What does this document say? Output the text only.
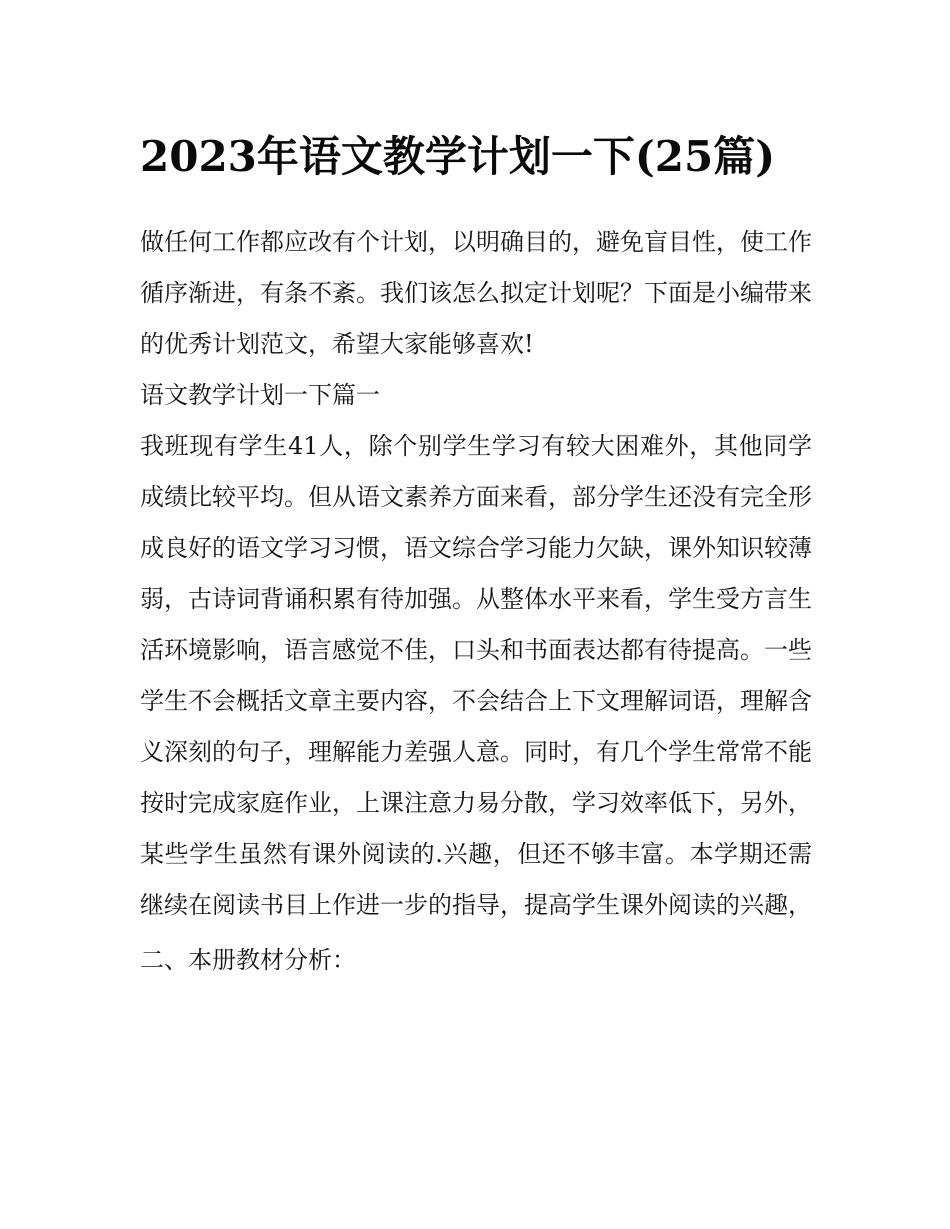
2023年语文教学计划一下(25篇)

做任何工作都应改有个计划，以明确目的，避免盲目性，使工作循序渐进，有条不紊。我们该怎么拟定计划呢？下面是小编带来的优秀计划范文，希望大家能够喜欢!

语文教学计划一下篇一

我班现有学生41人，除个别学生学习有较大困难外，其他同学成绩比较平均。但从语文素养方面来看，部分学生还没有完全形成良好的语文学习习惯，语文综合学习能力欠缺，课外知识较薄弱，古诗词背诵积累有待加强。从整体水平来看，学生受方言生活环境影响，语言感觉不佳，口头和书面表达都有待提高。一些学生不会概括文章主要内容，不会结合上下文理解词语，理解含义深刻的句子，理解能力差强人意。同时，有几个学生常常不能按时完成家庭作业，上课注意力易分散，学习效率低下，另外，某些学生虽然有课外阅读的.兴趣，但还不够丰富。本学期还需继续在阅读书目上作进一步的指导，提高学生课外阅读的兴趣，

二、本册教材分析：
